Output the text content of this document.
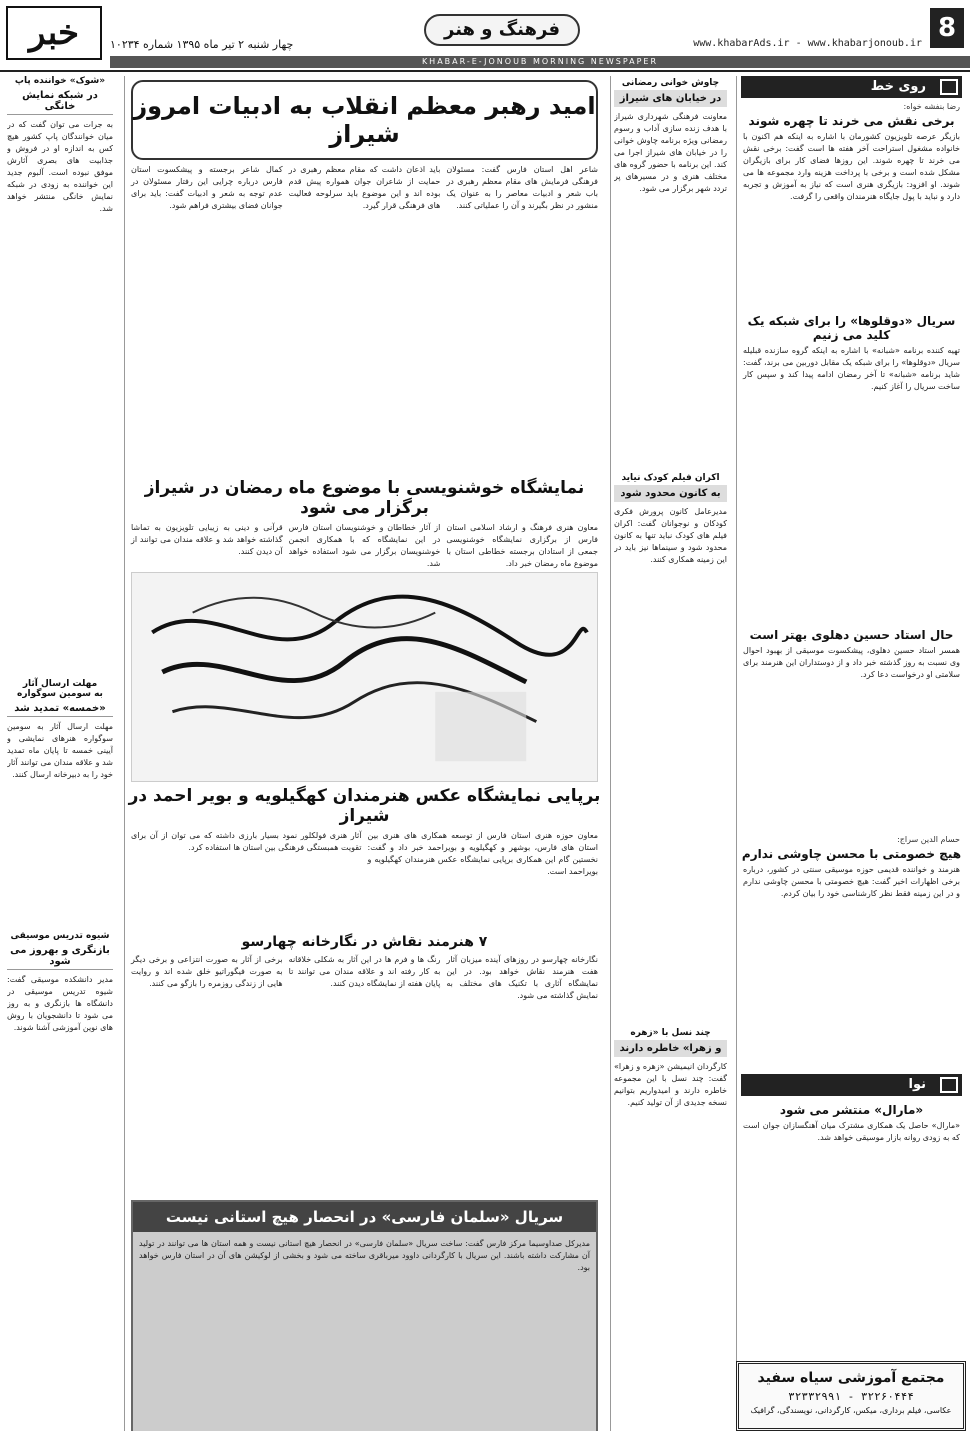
8
www.khabarAds.ir - www.khabarjonoub.ir
فرهنگ و هنر
چهار شنبه ۲ تیر ماه ۱۳۹۵ شماره ۱۰۲۳۴
خبر
KHABAR-E-JONOUB MORNING NEWSPAPER
روی خط
رضا بنفشه خواه:
برخی نقش می خرند تا چهره شوند
بازیگر عرصه تلویزیون کشورمان با اشاره به اینکه هم اکنون با خانواده مشغول استراحت آخر هفته ها است گفت: برخی نقش می خرند تا چهره شوند. این روزها فضای کار برای بازیگران مشکل شده است و برخی با پرداخت هزینه وارد مجموعه ها می شوند. او افزود: بازیگری هنری است که نیاز به آموزش و تجربه دارد و نباید با پول جایگاه هنرمندان واقعی را گرفت.
سریال «دوقلوها» را برای شبکه یک کلید می زنیم
تهیه کننده برنامه «شبانه» با اشاره به اینکه گروه سازنده قبلیله سریال «دوقلوها» را برای شبکه یک مقابل دوربین می برند، گفت: شاید برنامه «شبانه» تا آخر رمضان ادامه پیدا کند و سپس کار ساخت سریال را آغاز کنیم.
حال استاد حسین دهلوی بهتر است
همسر استاد حسین دهلوی، پیشکسوت موسیقی از بهبود احوال وی نسبت به روز گذشته خبر داد و از دوستداران این هنرمند برای سلامتی او درخواست دعا کرد.
حسام الدین سراج:
هیچ خصومتی با محسن چاوشی ندارم
هنرمند و خواننده قدیمی حوزه موسیقی سنتی در کشور، درباره برخی اظهارات اخیر گفت: هیچ خصومتی با محسن چاوشی ندارم و در این زمینه فقط نظر کارشناسی خود را بیان کردم.
نوا
«مارال» منتشر می شود
«مارال» حاصل یک همکاری مشترک میان آهنگسازان جوان است که به زودی روانه بازار موسیقی خواهد شد.
مجتمع آموزشی سیاه سفید
۳۲۳۳۲۹۹۱ - ۳۲۲۶۰۴۴۴
عکاسی، فیلم برداری، میکس، کارگردانی، نویسندگی، گرافیک
چاوش خوانی رمضانی
در خیابان های شیراز
معاونت فرهنگی شهرداری شیراز با هدف زنده سازی آداب و رسوم رمضانی ویژه برنامه چاوش خوانی را در خیابان های شیراز اجرا می کند. این برنامه با حضور گروه های مختلف هنری و در مسیرهای پر تردد شهر برگزار می شود.
اکران فیلم کودک نیاید
به کانون محدود شود
مدیرعامل کانون پرورش فکری کودکان و نوجوانان گفت: اکران فیلم های کودک نباید تنها به کانون محدود شود و سینماها نیز باید در این زمینه همکاری کنند.
چند نسل با «زهره
و زهرا» خاطره دارند
کارگردان انیمیشن «زهره و زهرا» گفت: چند نسل با این مجموعه خاطره دارند و امیدواریم بتوانیم نسخه جدیدی از آن تولید کنیم.
امید رهبر معظم انقلاب به ادبیات امروز شیراز
شاعر اهل استان فارس گفت: مسئولان فرهنگی فرمایش های مقام معظم رهبری در باب شعر و ادبیات معاصر را به عنوان یک منشور در نظر بگیرند و آن را عملیاتی کنند.
باید اذعان داشت که مقام معظم رهبری در حمایت از شاعران جوان همواره پیش قدم بوده اند و این موضوع باید سرلوحه فعالیت های فرهنگی قرار گیرد.
کمال شاعر برجسته و پیشکسوت استان فارس درباره چرایی این رفتار مسئولان در عدم توجه به شعر و ادبیات گفت: باید برای جوانان فضای بیشتری فراهم شود.
نمایشگاه خوشنویسی با موضوع ماه رمضان در شیراز برگزار می شود
معاون هنری فرهنگ و ارشاد اسلامی استان فارس از برگزاری نمایشگاه خوشنویسی جمعی از استادان برجسته خطاطی استان با موضوع ماه رمضان خبر داد.
از آثار خطاطان و خوشنویسان استان فارس در این نمایشگاه که با همکاری انجمن خوشنویسان برگزار می شود استفاده خواهد شد.
قرآنی و دینی به زیبایی تلویزیون به تماشا گذاشته خواهد شد و علاقه مندان می توانند از آن دیدن کنند.
برپایی نمایشگاه عکس هنرمندان کهگیلویه و بویر احمد در شیراز
معاون حوزه هنری استان فارس از توسعه همکاری های هنری بین استان های فارس، بوشهر و کهگیلویه و بویراحمد خبر داد و گفت: نخستین گام این همکاری برپایی نمایشگاه عکس هنرمندان کهگیلویه و بویراحمد است.
آثار هنری فولکلور نمود بسیار بارزی داشته که می توان از آن برای تقویت همبستگی فرهنگی بین استان ها استفاده کرد.
۷ هنرمند نقاش در نگارخانه چهارسو
نگارخانه چهارسو در روزهای آینده میزبان آثار هفت هنرمند نقاش خواهد بود. در این نمایشگاه آثاری با تکنیک های مختلف به نمایش گذاشته می شود.
رنگ ها و فرم ها در این آثار به شکلی خلاقانه به کار رفته اند و علاقه مندان می توانند تا پایان هفته از نمایشگاه دیدن کنند.
برخی از آثار به صورت انتزاعی و برخی دیگر به صورت فیگوراتیو خلق شده اند و روایت هایی از زندگی روزمره را بازگو می کنند.
سریال «سلمان فارسی» در انحصار هیچ استانی نیست
مدیرکل صداوسیما مرکز فارس گفت: ساخت سریال «سلمان فارسی» در انحصار هیچ استانی نیست و همه استان ها می توانند در تولید آن مشارکت داشته باشند. این سریال با کارگردانی داوود میرباقری ساخته می شود و بخشی از لوکیشن های آن در استان فارس خواهد بود.
«شوک» خواننده پاپ
در شبکه نمایش خانگی
به جرات می توان گفت که در میان خوانندگان پاپ کشور هیچ کس به اندازه او در فروش و جذابیت های بصری آثارش موفق نبوده است. آلبوم جدید این خواننده به زودی در شبکه نمایش خانگی منتشر خواهد شد.
مهلت ارسال آثار
به سومین سوگواره
«خمسه» تمدید شد
مهلت ارسال آثار به سومین سوگواره هنرهای نمایشی و آیینی خمسه تا پایان ماه تمدید شد و علاقه مندان می توانند آثار خود را به دبیرخانه ارسال کنند.
شیوه تدریس موسیقی
بازنگری و بهروز می شود
مدیر دانشکده موسیقی گفت: شیوه تدریس موسیقی در دانشگاه ها بازنگری و به روز می شود تا دانشجویان با روش های نوین آموزشی آشنا شوند.
